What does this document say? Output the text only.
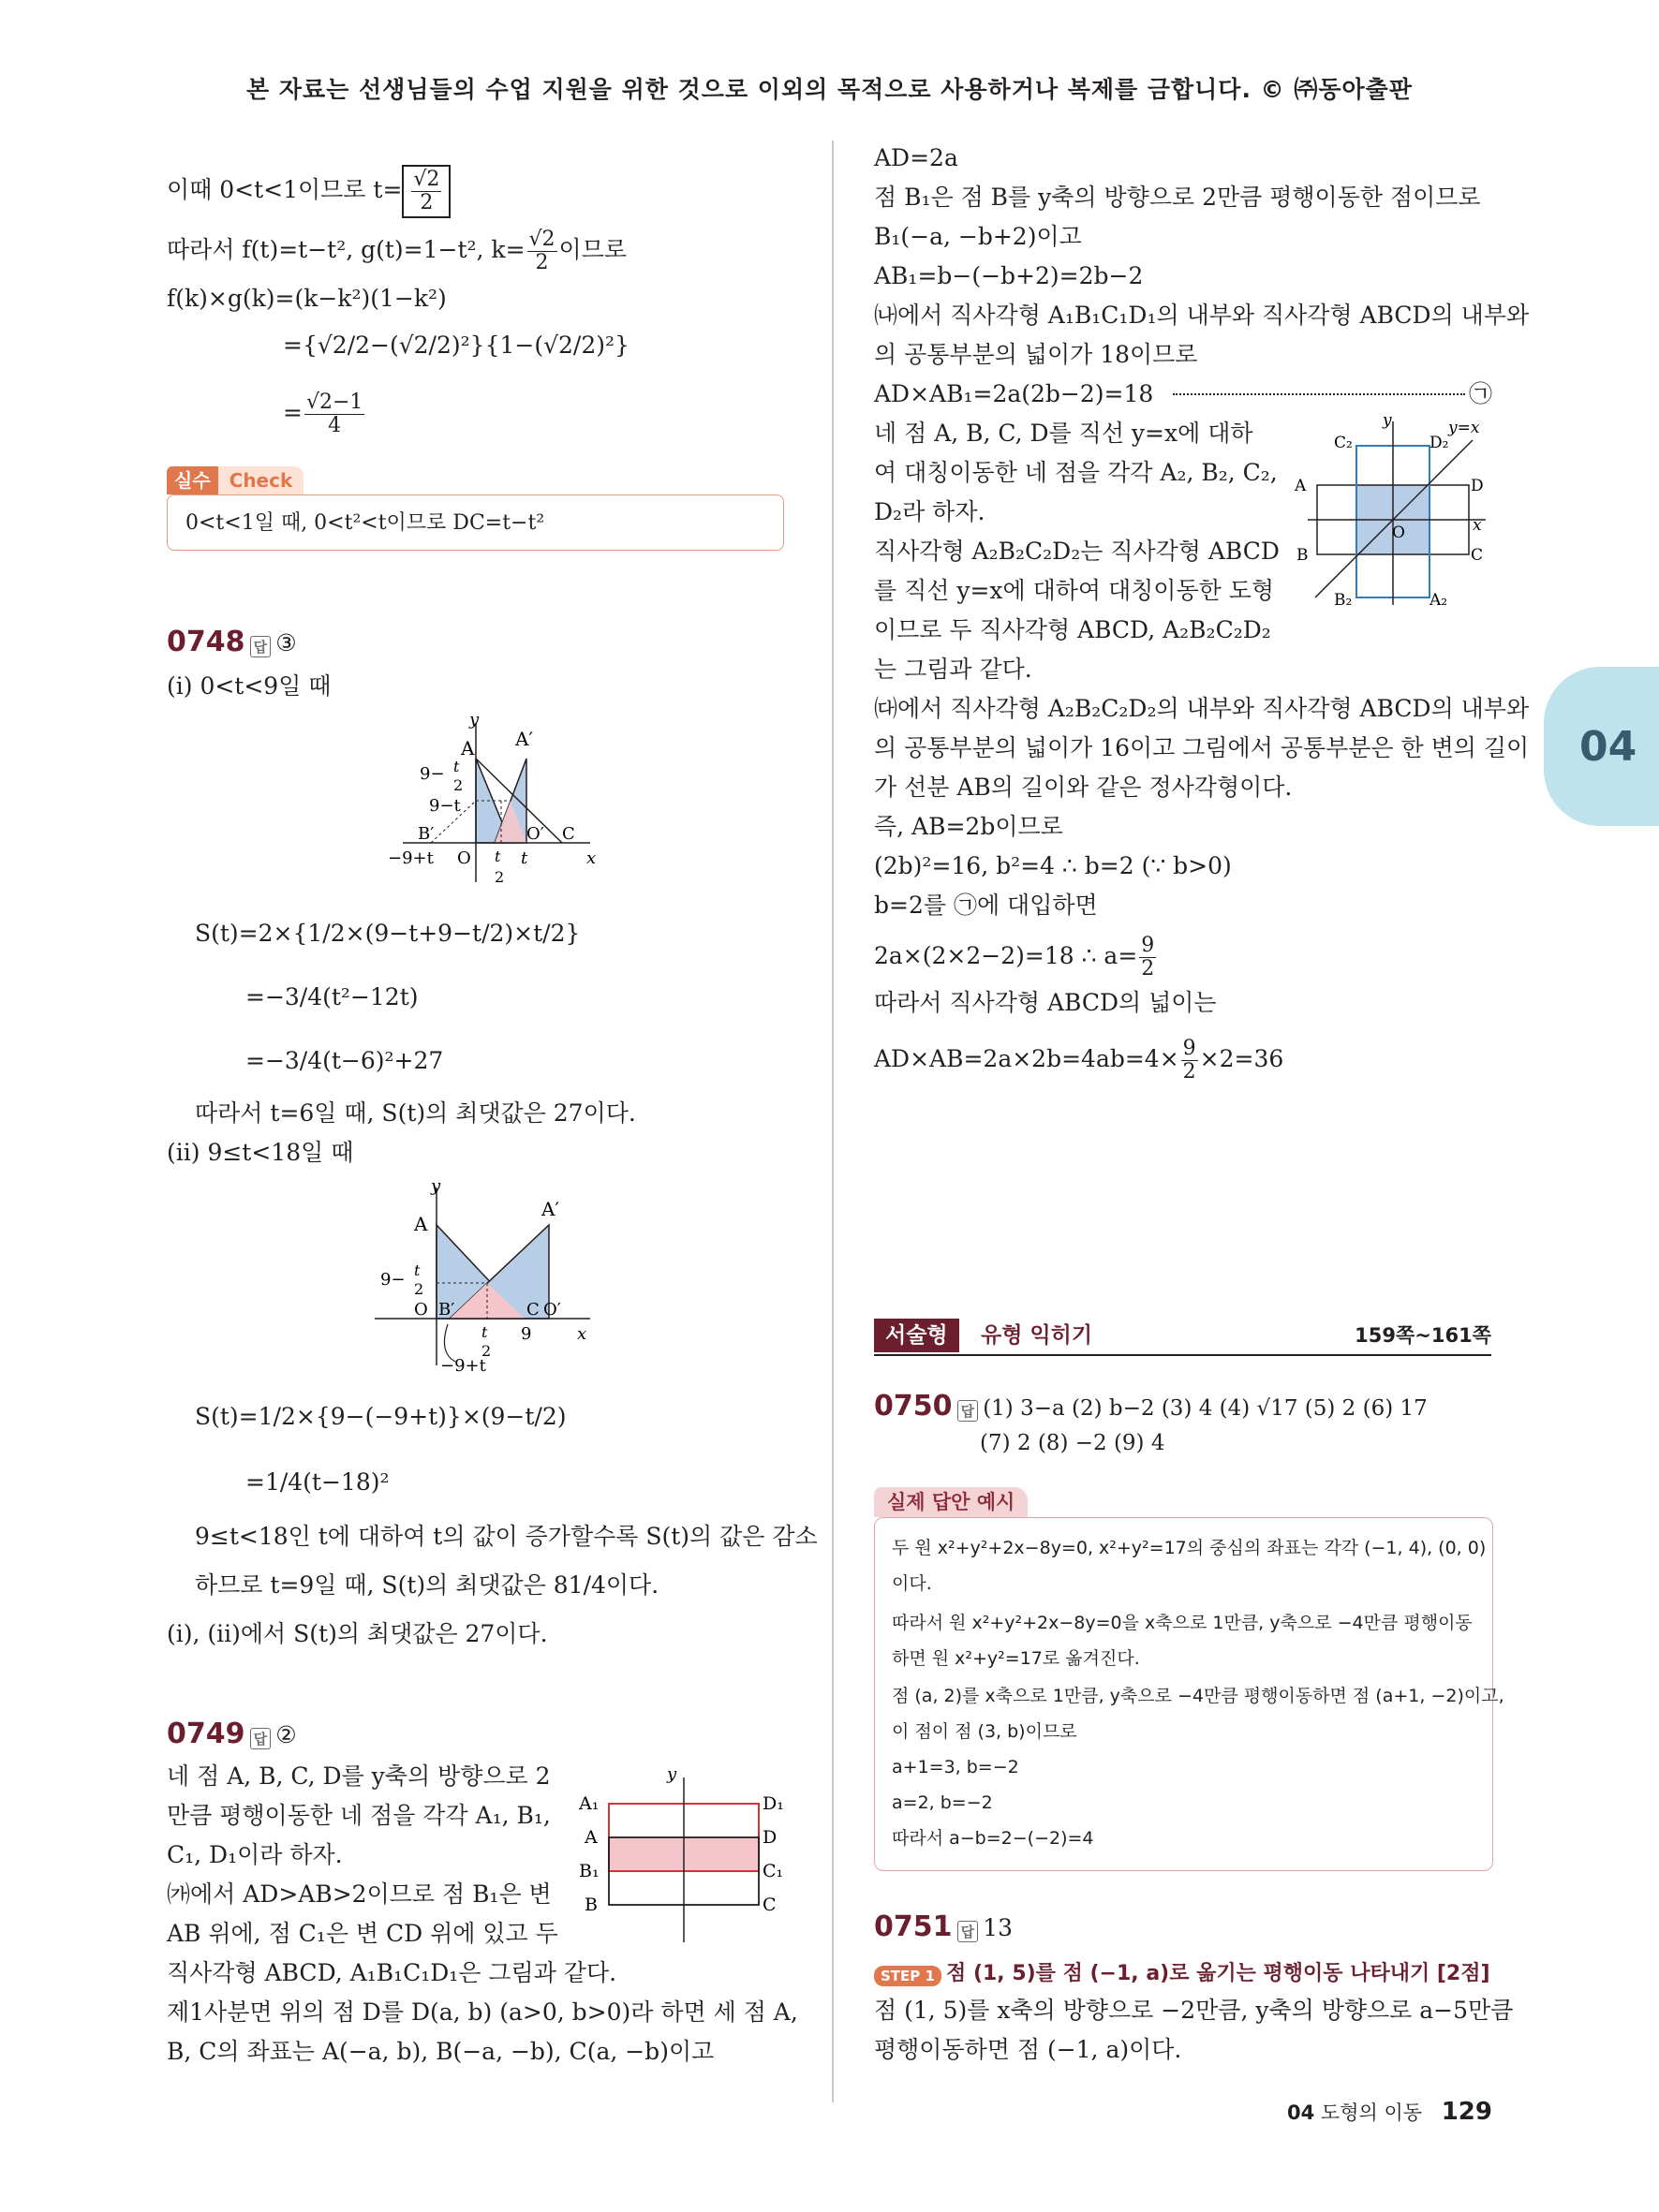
본 자료는 선생님들의 수업 지원을 위한 것으로 이외의 목적으로 사용하거나 복제를 금합니다. © ㈜동아출판
이때 0<t<1이므로 $t= \frac{√2}{2}$
따라서 f(t)=t−t², g(t)=1−t², $k= \frac{√2}{2}$ 이므로
f(k)×g(k)=(k−k²)(1−k²)
={√2/2−(√2/2)²}{1−(√2/2)²}
= $\frac{√2-1}{4}$
실수	Check
0<t<1일 때, 0<t²<t이므로 DC=t−t²
0748 답 ③
(i) 0<t<9일 때
y
A A′
9− t
2
9−t
B′	O′ C
−9+t O t
2
t	x
S(t)=2×{1/2×(9−t+9−t/2)×t/2}
=−3/4(t²−12t)
=−3/4(t−6)²+27
따라서 t=6일 때, S(t)의 최댓값은 27이다.
(ii) 9≤t<18일 때
y
A
A′
9− t
2
O B′	C O′
t
2
9	x
−9+t
S(t)=1/2×{9−(−9+t)}×(9−t/2)
=1/4(t−18)²
9≤t<18인 t에 대하여 t의 값이 증가할수록 S(t)의 값은 감소
하므로 t=9일 때, S(t)의 최댓값은 81/4이다.
(i), (ii)에서 S(t)의 최댓값은 27이다.
0749 답 ②
네 점 A, B, C, D를 y축의 방향으로 2
만큼 평행이동한 네 점을 각각 A₁, B₁,
C₁, D₁이라 하자.
㈎에서 AD>AB>2이므로 점 B₁은 변
AB 위에, 점 C₁은 변 CD 위에 있고 두
직사각형 ABCD, A₁B₁C₁D₁은 그림과 같다.
제1사분면 위의 점 D를 D(a, b) (a>0, b>0)라 하면 세 점 A,
B, C의 좌표는 A(−a, b), B(−a, −b), C(a, −b)이고
y
A₁	D₁
A	D
B₁	C₁
B	C
AD=2a
점 B₁은 점 B를 y축의 방향으로 2만큼 평행이동한 점이므로
B₁(−a, −b+2)이고
AB₁=b−(−b+2)=2b−2
㈏에서 직사각형 A₁B₁C₁D₁의 내부와 직사각형 ABCD의 내부와
의 공통부분의 넓이가 18이므로
AD×AB₁=2a(2b−2)=18	㉠
네 점 A, B, C, D를 직선 y=x에 대하
여 대칭이동한 네 점을 각각 A₂, B₂, C₂,
D₂라 하자.
직사각형 A₂B₂C₂D₂는 직사각형 ABCD
를 직선 y=x에 대하여 대칭이동한 도형
이므로 두 직사각형 ABCD, A₂B₂C₂D₂
는 그림과 같다.
㈐에서 직사각형 A₂B₂C₂D₂의 내부와 직사각형 ABCD의 내부와
의 공통부분의 넓이가 16이고 그림에서 공통부분은 한 변의 길이
가 선분 AB의 길이와 같은 정사각형이다.
즉, AB=2b이므로
(2b)²=16, b²=4 ∴ b=2 (∵ b>0)
b=2를 ㉠에 대입하면
2a×(2×2−2)=18 ∴ $a= \frac{9}{2}$
따라서 직사각형 ABCD의 넓이는
$AD\times AB=2a\times 2b=4ab=4\times \frac{9}{2} \times 2=36$
y	y=x
C₂	D₂
A	D
O	x
B	C
B₂	A₂
서술형	유형 익히기	159쪽~161쪽
0750 답 (1) 3−a (2) b−2 (3) 4 (4) √17 (5) 2 (6) 17
(7) 2 (8) −2 (9) 4
실제 답안 예시
두 원 x²+y²+2x−8y=0, x²+y²=17의 중심의 좌표는 각각 (−1, 4), (0, 0)
이다.
따라서 원 x²+y²+2x−8y=0을 x축으로 1만큼, y축으로 −4만큼 평행이동
하면 원 x²+y²=17로 옮겨진다.
점 (a, 2)를 x축으로 1만큼, y축으로 −4만큼 평행이동하면 점 (a+1, −2)이고,
이 점이 점 (3, b)이므로
a+1=3, b=−2
a=2, b=−2
따라서 a−b=2−(−2)=4
0751 답 13
STEP 1 점 (1, 5)를 점 (−1, a)로 옮기는 평행이동 나타내기 [2점]
점 (1, 5)를 x축의 방향으로 −2만큼, y축의 방향으로 a−5만큼
평행이동하면 점 (−1, a)이다.
04
04 도형의 이동 129
